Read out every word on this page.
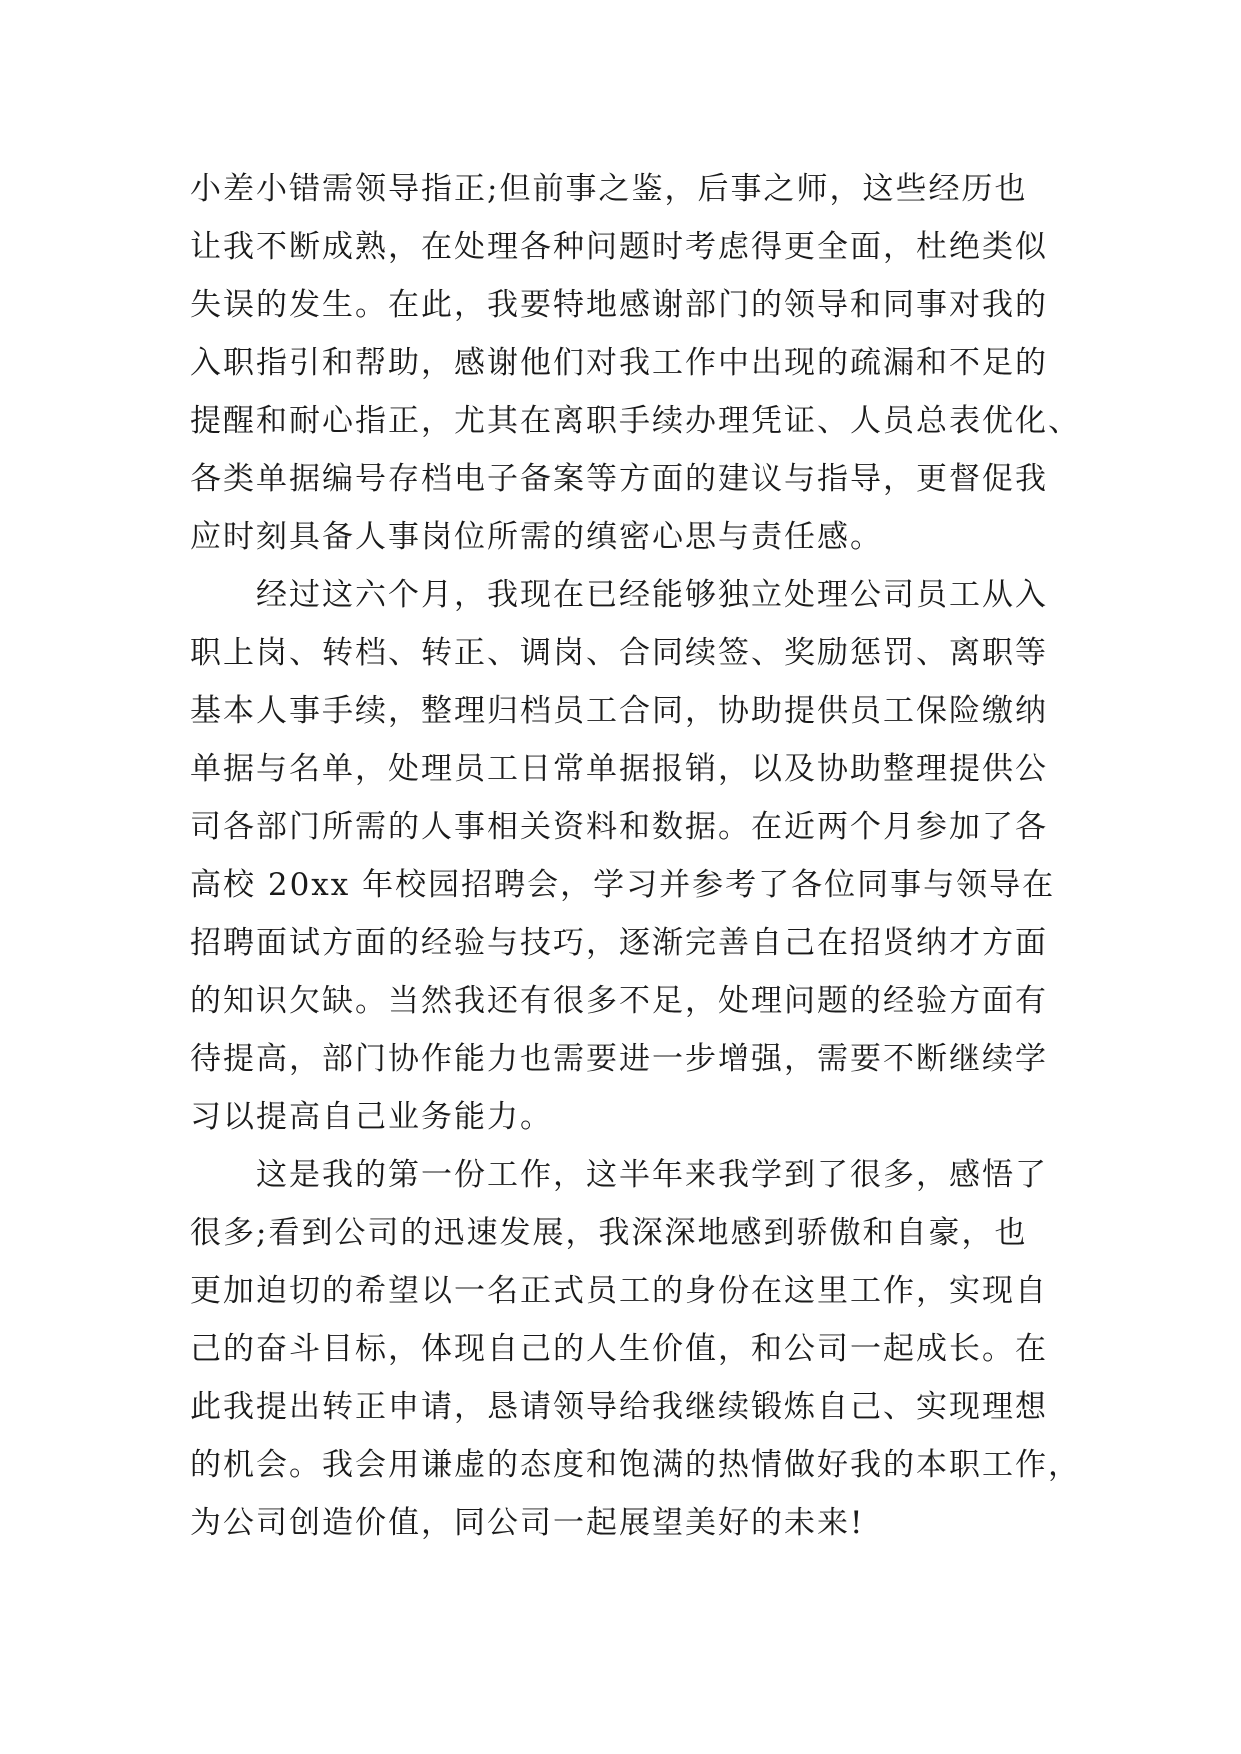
小差小错需领导指正;但前事之鉴，后事之师，这些经历也
让我不断成熟，在处理各种问题时考虑得更全面，杜绝类似
失误的发生。在此，我要特地感谢部门的领导和同事对我的
入职指引和帮助，感谢他们对我工作中出现的疏漏和不足的
提醒和耐心指正，尤其在离职手续办理凭证、人员总表优化、
各类单据编号存档电子备案等方面的建议与指导，更督促我
应时刻具备人事岗位所需的缜密心思与责任感。
　　经过这六个月，我现在已经能够独立处理公司员工从入
职上岗、转档、转正、调岗、合同续签、奖励惩罚、离职等
基本人事手续，整理归档员工合同，协助提供员工保险缴纳
单据与名单，处理员工日常单据报销，以及协助整理提供公
司各部门所需的人事相关资料和数据。在近两个月参加了各
高校 20xx 年校园招聘会，学习并参考了各位同事与领导在
招聘面试方面的经验与技巧，逐渐完善自己在招贤纳才方面
的知识欠缺。当然我还有很多不足，处理问题的经验方面有
待提高，部门协作能力也需要进一步增强，需要不断继续学
习以提高自己业务能力。
　　这是我的第一份工作，这半年来我学到了很多，感悟了
很多;看到公司的迅速发展，我深深地感到骄傲和自豪，也
更加迫切的希望以一名正式员工的身份在这里工作，实现自
己的奋斗目标，体现自己的人生价值，和公司一起成长。在
此我提出转正申请，恳请领导给我继续锻炼自己、实现理想
的机会。我会用谦虚的态度和饱满的热情做好我的本职工作，
为公司创造价值，同公司一起展望美好的未来!
